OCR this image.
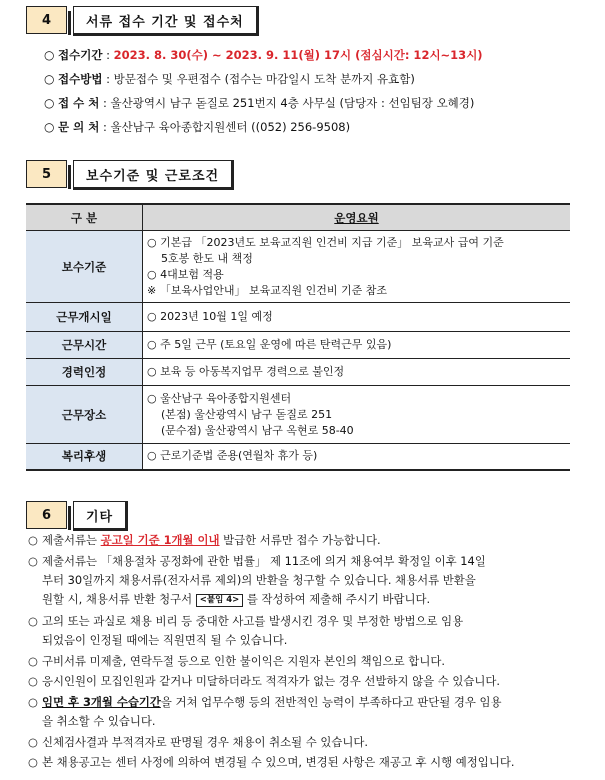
4	서류 접수 기간 및 접수처
○ 접수기간 : 2023. 8. 30(수) ~ 2023. 9. 11(월) 17시 (점심시간: 12시~13시)
○ 접수방법 : 방문접수 및 우편접수 (접수는 마감일시 도착 분까지 유효함)
○ 접 수 처 : 울산광역시 남구 돋질로 251번지 4층 사무실 (담당자 : 선임팀장 오혜경)
○ 문 의 처 : 울산남구 육아종합지원센터 ((052) 256-9508)
5	보수기준 및 근로조건
구 분	운영요원
보수기준	○ 기본급 「2023년도 보육교직원 인건비 지급 기준」 보육교사 급여 기준
5호봉 한도 내 책정
○ 4대보험 적용
※ 「보육사업안내」 보육교직원 인건비 기준 참조

근무개시일	○ 2023년 10월 1일 예정
근무시간	○ 주 5일 근무 (토요일 운영에 따른 탄력근무 있음)
경력인정	○ 보육 등 아동복지업무 경력으로 불인정
근무장소	○ 울산남구 육아종합지원센터
(본점) 울산광역시 남구 돋질로 251
(문수점) 울산광역시 남구 옥현로 58-40

복리후생	○ 근로기준법 준용(연월차 휴가 등)
6	기타
○ 제출서류는 공고일 기준 1개월 이내 발급한 서류만 접수 가능합니다.
○ 제출서류는 「채용절차 공정화에 관한 법률」 제 11조에 의거 채용여부 확정일 이후 14일
부터 30일까지 채용서류(전자서류 제외)의 반환을 청구할 수 있습니다. 채용서류 반환을
원할 시, 채용서류 반환 청구서 <붙임 4> 를 작성하여 제출해 주시기 바랍니다.
○ 고의 또는 과실로 채용 비리 등 중대한 사고를 발생시킨 경우 및 부정한 방법으로 임용
되었음이 인정될 때에는 직원면직 될 수 있습니다.
○ 구비서류 미제출, 연락두절 등으로 인한 불이익은 지원자 본인의 책임으로 합니다.
○ 응시인원이 모집인원과 같거나 미달하더라도 적격자가 없는 경우 선발하지 않을 수 있습니다.
○ 임면 후 3개월 수습기간을 거쳐 업무수행 등의 전반적인 능력이 부족하다고 판단될 경우 임용
을 취소할 수 있습니다.
○ 신체검사결과 부적격자로 판명될 경우 채용이 취소될 수 있습니다.
○ 본 채용공고는 센터 사정에 의하여 변경될 수 있으며, 변경된 사항은 재공고 후 시행 예정입니다.
